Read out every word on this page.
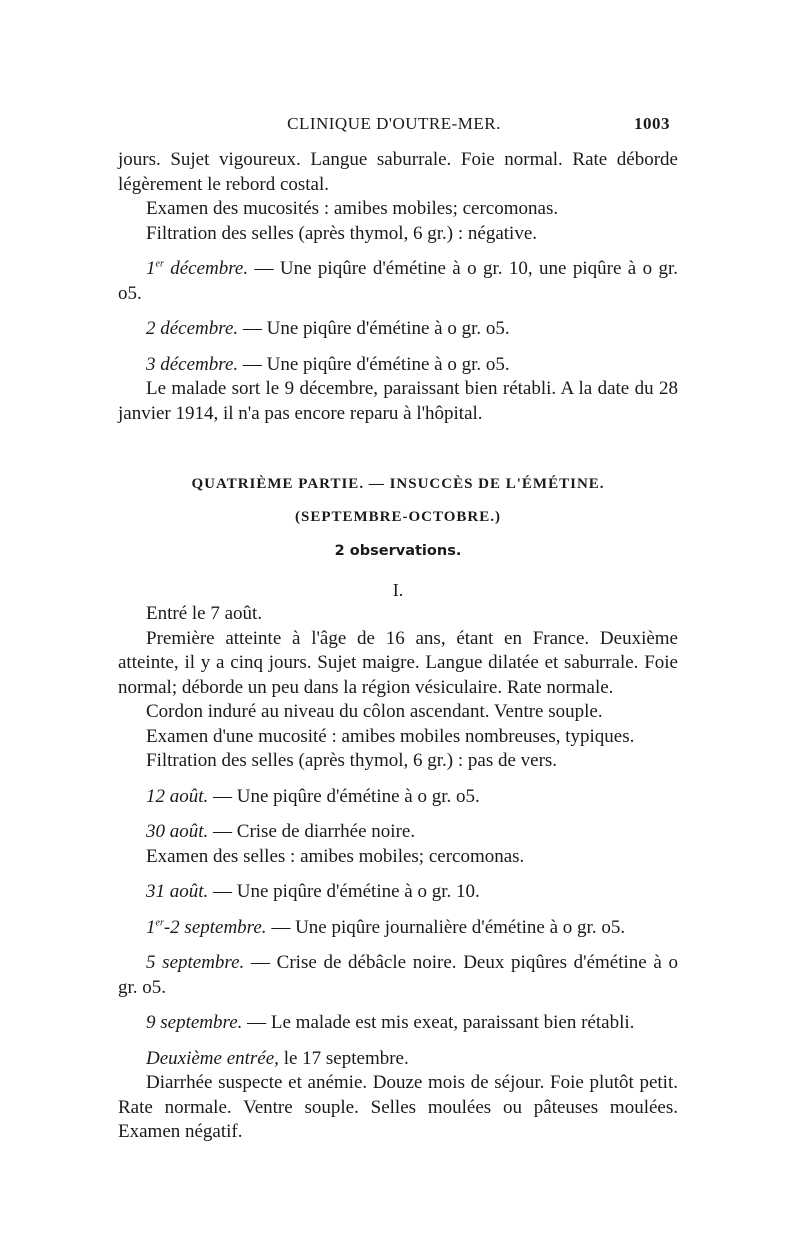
CLINIQUE D'OUTRE-MER.	1003

jours. Sujet vigoureux. Langue saburrale. Foie normal. Rate déborde légèrement le rebord costal.

Examen des mucosités : amibes mobiles; cercomonas.

Filtration des selles (après thymol, 6 gr.) : négative.

1er décembre. — Une piqûre d'émétine à o gr. 10, une piqûre à o gr. o5.

2 décembre. — Une piqûre d'émétine à o gr. o5.

3 décembre. — Une piqûre d'émétine à o gr. o5.

Le malade sort le 9 décembre, paraissant bien rétabli. A la date du 28 janvier 1914, il n'a pas encore reparu à l'hôpital.

QUATRIÈME PARTIE. — INSUCCÈS DE L'ÉMÉTINE.

(SEPTEMBRE-OCTOBRE.)

2 observations.

I.

Entré le 7 août.

Première atteinte à l'âge de 16 ans, étant en France. Deuxième atteinte, il y a cinq jours. Sujet maigre. Langue dilatée et saburrale. Foie normal; déborde un peu dans la région vésiculaire. Rate normale.

Cordon induré au niveau du côlon ascendant. Ventre souple.

Examen d'une mucosité : amibes mobiles nombreuses, typiques.

Filtration des selles (après thymol, 6 gr.) : pas de vers.

12 août. — Une piqûre d'émétine à o gr. o5.

30 août. — Crise de diarrhée noire.

Examen des selles : amibes mobiles; cercomonas.

31 août. — Une piqûre d'émétine à o gr. 10.

1er-2 septembre. — Une piqûre journalière d'émétine à o gr. o5.

5 septembre. — Crise de débâcle noire. Deux piqûres d'émétine à o gr. o5.

9 septembre. — Le malade est mis exeat, paraissant bien rétabli.

Deuxième entrée, le 17 septembre.

Diarrhée suspecte et anémie. Douze mois de séjour. Foie plutôt petit. Rate normale. Ventre souple. Selles moulées ou pâteuses moulées. Examen négatif.
